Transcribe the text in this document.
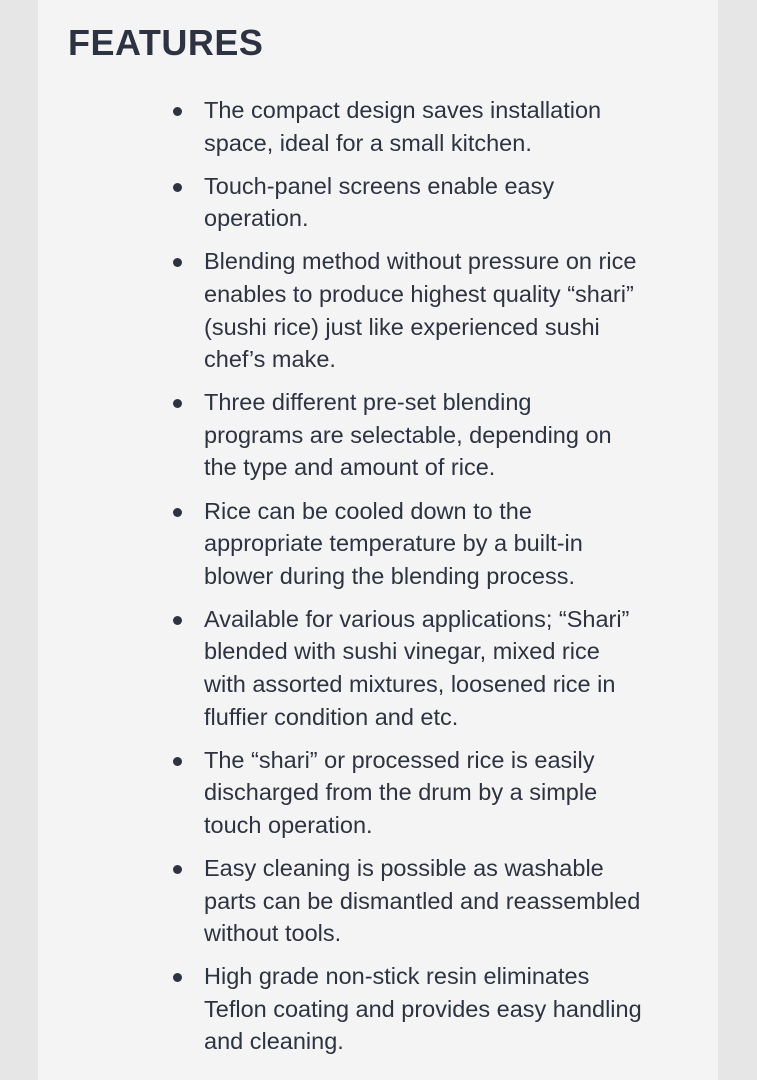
FEATURES
The compact design saves installation
space, ideal for a small kitchen.
Touch-panel screens enable easy
operation.
Blending method without pressure on rice
enables to produce highest quality “shari”
(sushi rice) just like experienced sushi
chef’s make.
Three different pre-set blending
programs are selectable, depending on
the type and amount of rice.
Rice can be cooled down to the
appropriate temperature by a built-in
blower during the blending process.
Available for various applications; “Shari”
blended with sushi vinegar, mixed rice
with assorted mixtures, loosened rice in
fluffier condition and etc.
The “shari” or processed rice is easily
discharged from the drum by a simple
touch operation.
Easy cleaning is possible as washable
parts can be dismantled and reassembled
without tools.
High grade non-stick resin eliminates
Teflon coating and provides easy handling
and cleaning.
